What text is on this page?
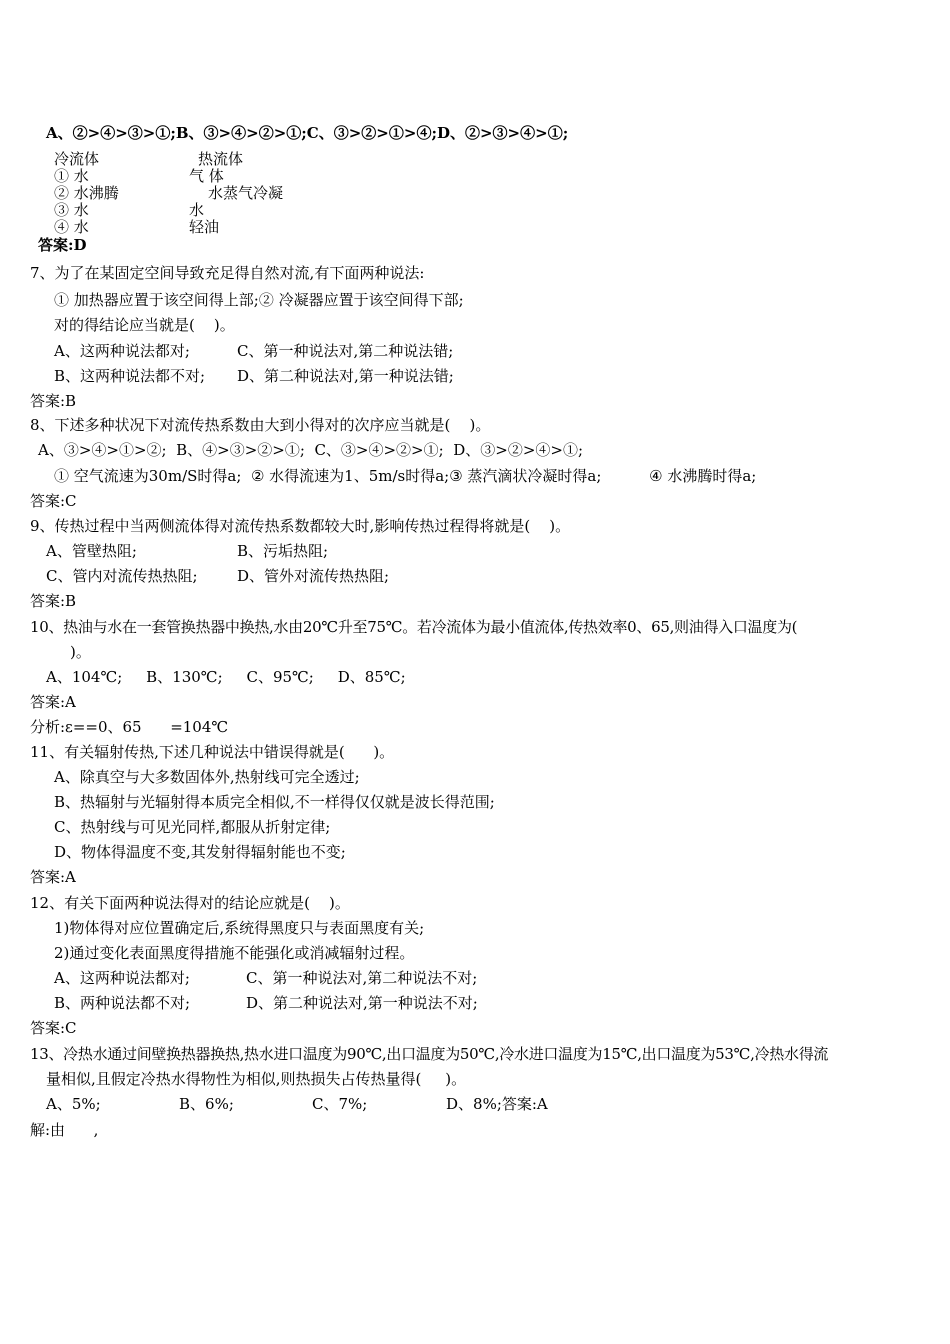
A、②>④>③>①;B、③>④>②>①;C、③>②>①>④;D、②>③>④>①;
冷流体	热流体
① 水	气 体
② 水沸腾	水蒸气冷凝
③ 水	水
④ 水	轻油
答案:D
7、为了在某固定空间导致充足得自然对流,有下面两种说法:
① 加热器应置于该空间得上部;② 冷凝器应置于该空间得下部;
对的得结论应当就是(    )。
A、这两种说法都对;	C、第一种说法对,第二种说法错;
B、这两种说法都不对; D、第二种说法对,第一种说法错;
答案:B
8、下述多种状况下对流传热系数由大到小得对的次序应当就是(    )。
A、③>④>①>②;  B、④>③>②>①;  C、③>④>②>①;  D、③>②>④>①;
① 空气流速为30m/S时得a;  ② 水得流速为1、5m/s时得a;③ 蒸汽滴状冷凝时得a;          ④ 水沸腾时得a;
答案:C
9、传热过程中当两侧流体得对流传热系数都较大时,影响传热过程得将就是(    )。
A、管壁热阻;	B、污垢热阻;
C、管内对流传热热阻;	D、管外对流传热热阻;
答案:B
10、热油与水在一套管换热器中换热,水由20℃升至75℃。若冷流体为最小值流体,传热效率0、65,则油得入口温度为(
)。
A、104℃;     B、130℃;     C、95℃;     D、85℃;
答案:A
分析:ε==0、65      =104℃
11、有关辐射传热,下述几种说法中错误得就是(      )。
A、除真空与大多数固体外,热射线可完全透过;
B、热辐射与光辐射得本质完全相似,不一样得仅仅就是波长得范围;
C、热射线与可见光同样,都服从折射定律;
D、物体得温度不变,其发射得辐射能也不变;
答案:A
12、有关下面两种说法得对的结论应就是(    )。
1)物体得对应位置确定后,系统得黑度只与表面黑度有关;
2)通过变化表面黑度得措施不能强化或消减辐射过程。
A、这两种说法都对;	C、第一种说法对,第二种说法不对;
B、两种说法都不对;	D、第二种说法对,第一种说法不对;
答案:C
13、冷热水通过间壁换热器换热,热水进口温度为90℃,出口温度为50℃,冷水进口温度为15℃,出口温度为53℃,冷热水得流
量相似,且假定冷热水得物性为相似,则热损失占传热量得(     )。
A、5%;	B、6%;	C、7%;	D、8%;答案:A
解:由      ,
